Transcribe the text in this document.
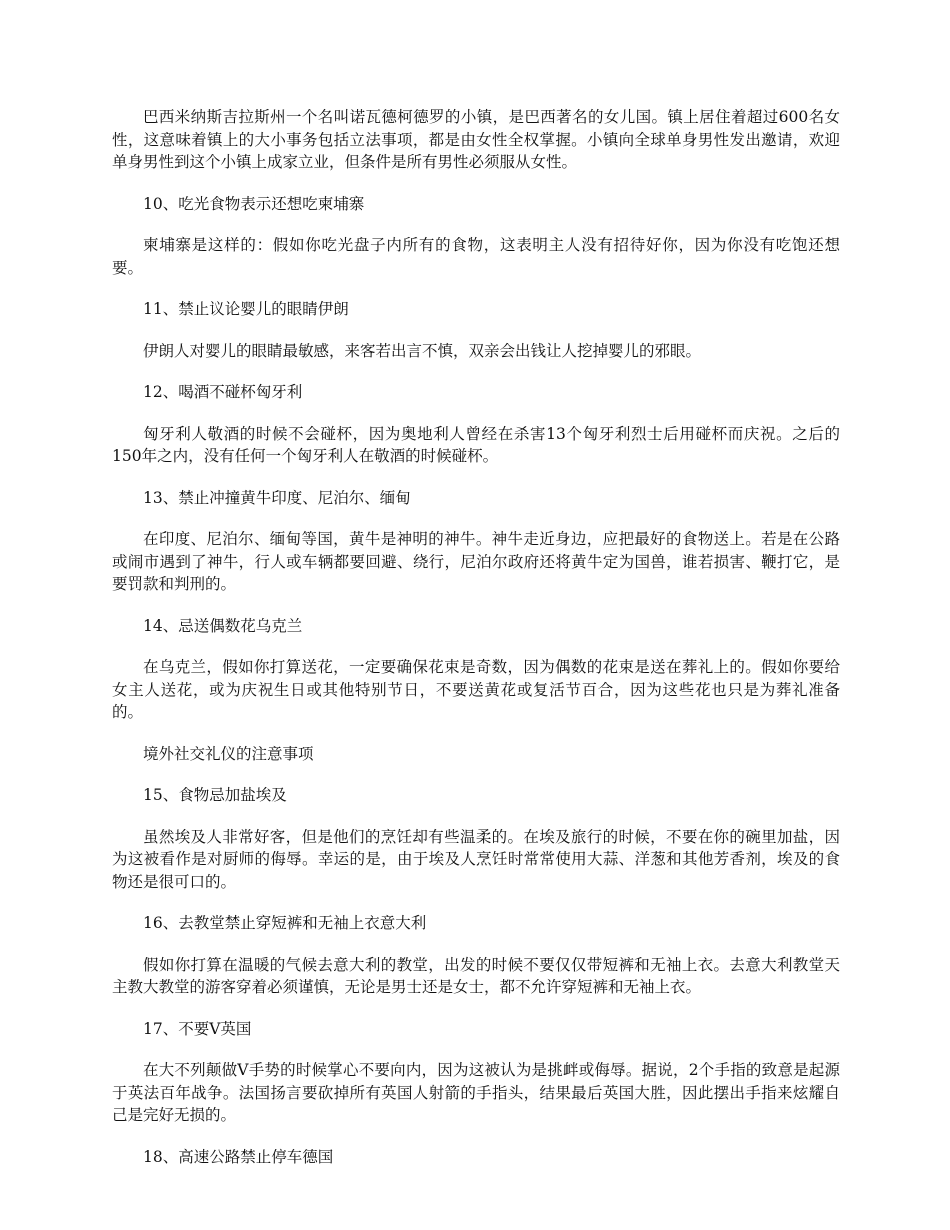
巴西米纳斯吉拉斯州一个名叫诺瓦德柯德罗的小镇，是巴西著名的女儿国。镇上居住着超过600名女性，这意味着镇上的大小事务包括立法事项，都是由女性全权掌握。小镇向全球单身男性发出邀请，欢迎单身男性到这个小镇上成家立业，但条件是所有男性必须服从女性。

10、吃光食物表示还想吃柬埔寨

柬埔寨是这样的：假如你吃光盘子内所有的食物，这表明主人没有招待好你，因为你没有吃饱还想要。

11、禁止议论婴儿的眼睛伊朗

伊朗人对婴儿的眼睛最敏感，来客若出言不慎，双亲会出钱让人挖掉婴儿的邪眼。

12、喝酒不碰杯匈牙利

匈牙利人敬酒的时候不会碰杯，因为奥地利人曾经在杀害13个匈牙利烈士后用碰杯而庆祝。之后的150年之内，没有任何一个匈牙利人在敬酒的时候碰杯。

13、禁止冲撞黄牛印度、尼泊尔、缅甸

在印度、尼泊尔、缅甸等国，黄牛是神明的神牛。神牛走近身边，应把最好的食物送上。若是在公路或闹市遇到了神牛，行人或车辆都要回避、绕行，尼泊尔政府还将黄牛定为国兽，谁若损害、鞭打它，是要罚款和判刑的。

14、忌送偶数花乌克兰

在乌克兰，假如你打算送花，一定要确保花束是奇数，因为偶数的花束是送在葬礼上的。假如你要给女主人送花，或为庆祝生日或其他特别节日，不要送黄花或复活节百合，因为这些花也只是为葬礼准备的。

境外社交礼仪的注意事项

15、食物忌加盐埃及

虽然埃及人非常好客，但是他们的烹饪却有些温柔的。在埃及旅行的时候，不要在你的碗里加盐，因为这被看作是对厨师的侮辱。幸运的是，由于埃及人烹饪时常常使用大蒜、洋葱和其他芳香剂，埃及的食物还是很可口的。

16、去教堂禁止穿短裤和无袖上衣意大利

假如你打算在温暖的气候去意大利的教堂，出发的时候不要仅仅带短裤和无袖上衣。去意大利教堂天主教大教堂的游客穿着必须谨慎，无论是男士还是女士，都不允许穿短裤和无袖上衣。

17、不要V英国

在大不列颠做V手势的时候掌心不要向内，因为这被认为是挑衅或侮辱。据说，2个手指的致意是起源于英法百年战争。法国扬言要砍掉所有英国人射箭的手指头，结果最后英国大胜，因此摆出手指来炫耀自己是完好无损的。

18、高速公路禁止停车德国
